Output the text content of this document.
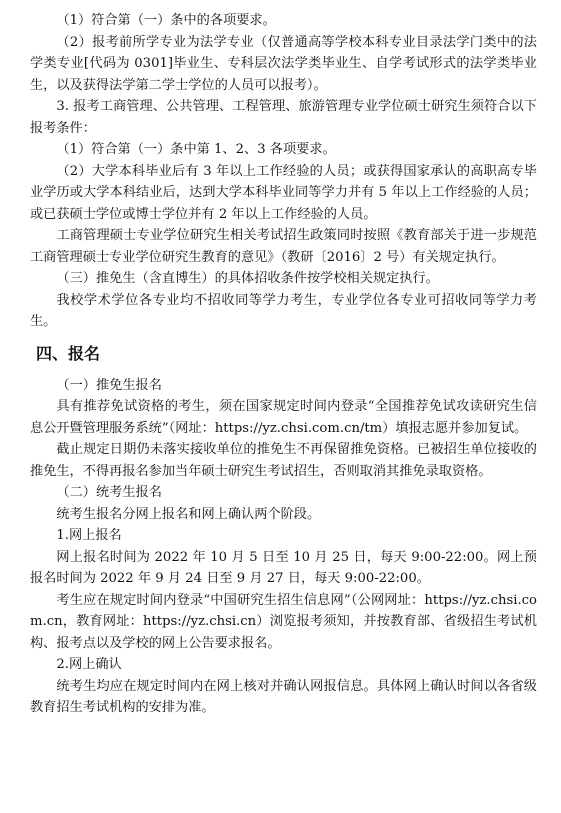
（1）符合第（一）条中的各项要求。

（2）报考前所学专业为法学专业（仅普通高等学校本科专业目录法学门类中的法学类专业[代码为 0301]毕业生、专科层次法学类毕业生、自学考试形式的法学类毕业生，以及获得法学第二学士学位的人员可以报考）。

3. 报考工商管理、公共管理、工程管理、旅游管理专业学位硕士研究生须符合以下报考条件：

（1）符合第（一）条中第 1、2、3 各项要求。

（2）大学本科毕业后有 3 年以上工作经验的人员；或获得国家承认的高职高专毕业学历或大学本科结业后，达到大学本科毕业同等学力并有 5 年以上工作经验的人员；或已获硕士学位或博士学位并有 2 年以上工作经验的人员。

工商管理硕士专业学位研究生相关考试招生政策同时按照《教育部关于进一步规范工商管理硕士专业学位研究生教育的意见》（教研〔2016〕2 号）有关规定执行。

（三）推免生（含直博生）的具体招收条件按学校相关规定执行。

我校学术学位各专业均不招收同等学力考生，专业学位各专业可招收同等学力考生。

四、报名

（一）推免生报名

具有推荐免试资格的考生，须在国家规定时间内登录“全国推荐免试攻读研究生信息公开暨管理服务系统”（网址：https://yz.chsi.com.cn/tm）填报志愿并参加复试。

截止规定日期仍未落实接收单位的推免生不再保留推免资格。已被招生单位接收的推免生，不得再报名参加当年硕士研究生考试招生，否则取消其推免录取资格。

（二）统考生报名

统考生报名分网上报名和网上确认两个阶段。

1.网上报名

网上报名时间为 2022 年 10 月 5 日至 10 月 25 日，每天 9:00-22:00。网上预报名时间为 2022 年 9 月 24 日至 9 月 27 日，每天 9:00-22:00。

考生应在规定时间内登录“中国研究生招生信息网”（公网网址：https://yz.chsi.com.cn，教育网址：https://yz.chsi.cn）浏览报考须知，并按教育部、省级招生考试机构、报考点以及学校的网上公告要求报名。

2.网上确认

统考生均应在规定时间内在网上核对并确认网报信息。具体网上确认时间以各省级教育招生考试机构的安排为准。
